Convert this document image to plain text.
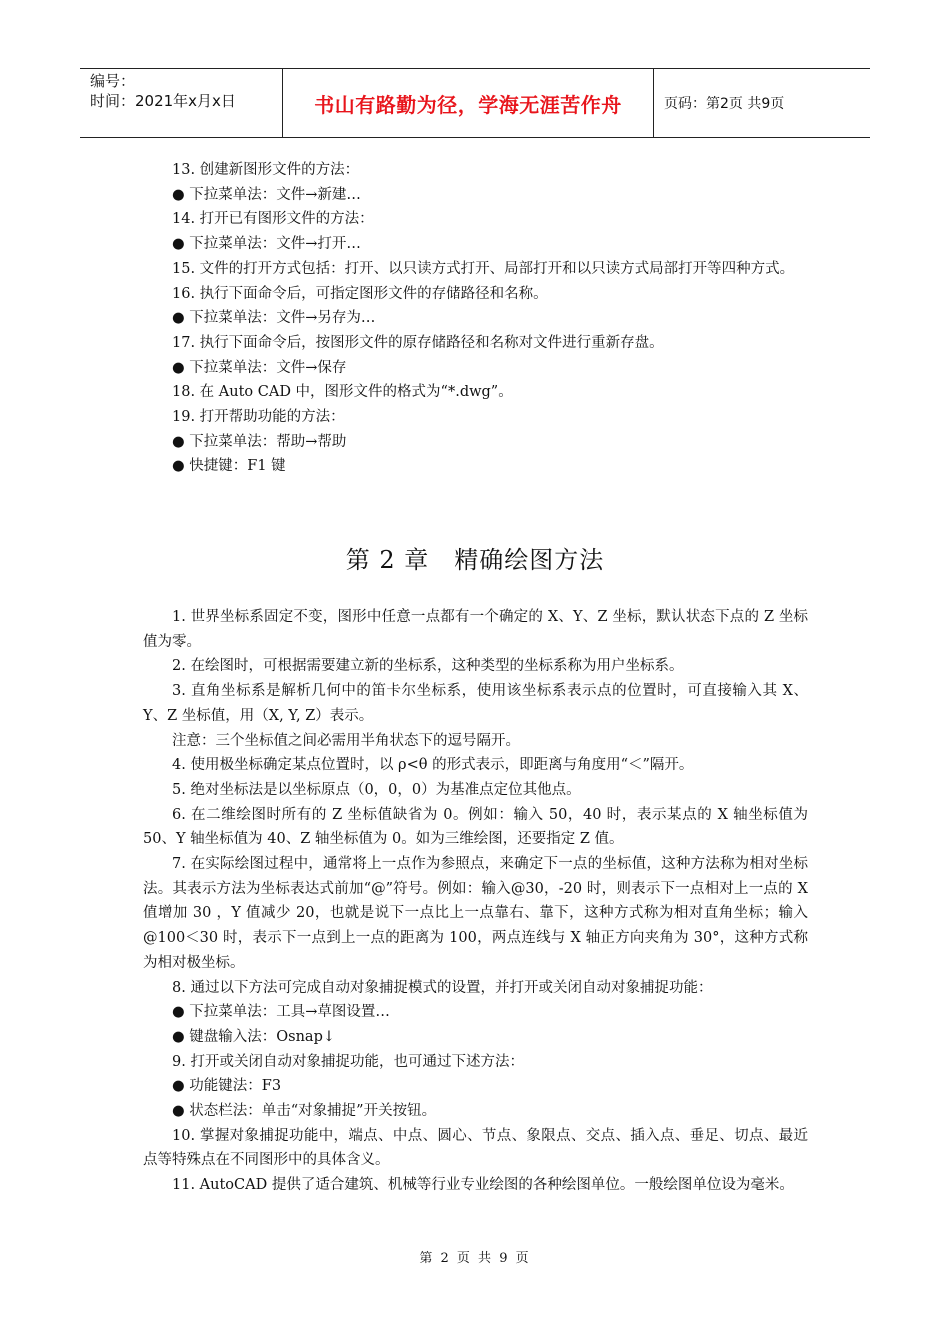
编号：
时间：2021年x月x日	书山有路勤为径，学海无涯苦作舟	页码：第2页 共9页
13. 创建新图形文件的方法：
● 下拉菜单法：文件→新建…
14. 打开已有图形文件的方法：
● 下拉菜单法：文件→打开…
15. 文件的打开方式包括：打开、以只读方式打开、局部打开和以只读方式局部打开等四种方式。
16. 执行下面命令后，可指定图形文件的存储路径和名称。
● 下拉菜单法：文件→另存为…
17. 执行下面命令后，按图形文件的原存储路径和名称对文件进行重新存盘。
● 下拉菜单法：文件→保存
18. 在 Auto CAD 中，图形文件的格式为“*.dwg”。
19. 打开帮助功能的方法：
● 下拉菜单法：帮助→帮助
● 快捷键：F1 键
第 2 章　精确绘图方法
1. 世界坐标系固定不变，图形中任意一点都有一个确定的 X、Y、Z 坐标，默认状态下点的 Z 坐标值为零。
2. 在绘图时，可根据需要建立新的坐标系，这种类型的坐标系称为用户坐标系。
3. 直角坐标系是解析几何中的笛卡尔坐标系，使用该坐标系表示点的位置时，可直接输入其 X、Y、Z 坐标值，用（X, Y, Z）表示。
注意：三个坐标值之间必需用半角状态下的逗号隔开。
4. 使用极坐标确定某点位置时，以 ρ<θ 的形式表示，即距离与角度用“＜”隔开。
5. 绝对坐标法是以坐标原点（0，0，0）为基准点定位其他点。
6. 在二维绘图时所有的 Z 坐标值缺省为 0。例如：输入 50，40 时，表示某点的 X 轴坐标值为 50、Y 轴坐标值为 40、Z 轴坐标值为 0。如为三维绘图，还要指定 Z 值。
7. 在实际绘图过程中，通常将上一点作为参照点，来确定下一点的坐标值，这种方法称为相对坐标法。其表示方法为坐标表达式前加“@”符号。例如：输入@30，-20 时，则表示下一点相对上一点的 X 值增加 30 ，Y 值减少 20，也就是说下一点比上一点靠右、靠下，这种方式称为相对直角坐标；输入@100＜30 时，表示下一点到上一点的距离为 100，两点连线与 X 轴正方向夹角为 30°，这种方式称为相对极坐标。
8. 通过以下方法可完成自动对象捕捉模式的设置，并打开或关闭自动对象捕捉功能：
● 下拉菜单法：工具→草图设置…
● 键盘输入法：Osnap↓
9. 打开或关闭自动对象捕捉功能，也可通过下述方法：
● 功能键法：F3
● 状态栏法：单击“对象捕捉”开关按钮。
10. 掌握对象捕捉功能中，端点、中点、圆心、节点、象限点、交点、插入点、垂足、切点、最近点等特殊点在不同图形中的具体含义。
11. AutoCAD 提供了适合建筑、机械等行业专业绘图的各种绘图单位。一般绘图单位设为毫米。
第 2 页 共 9 页
